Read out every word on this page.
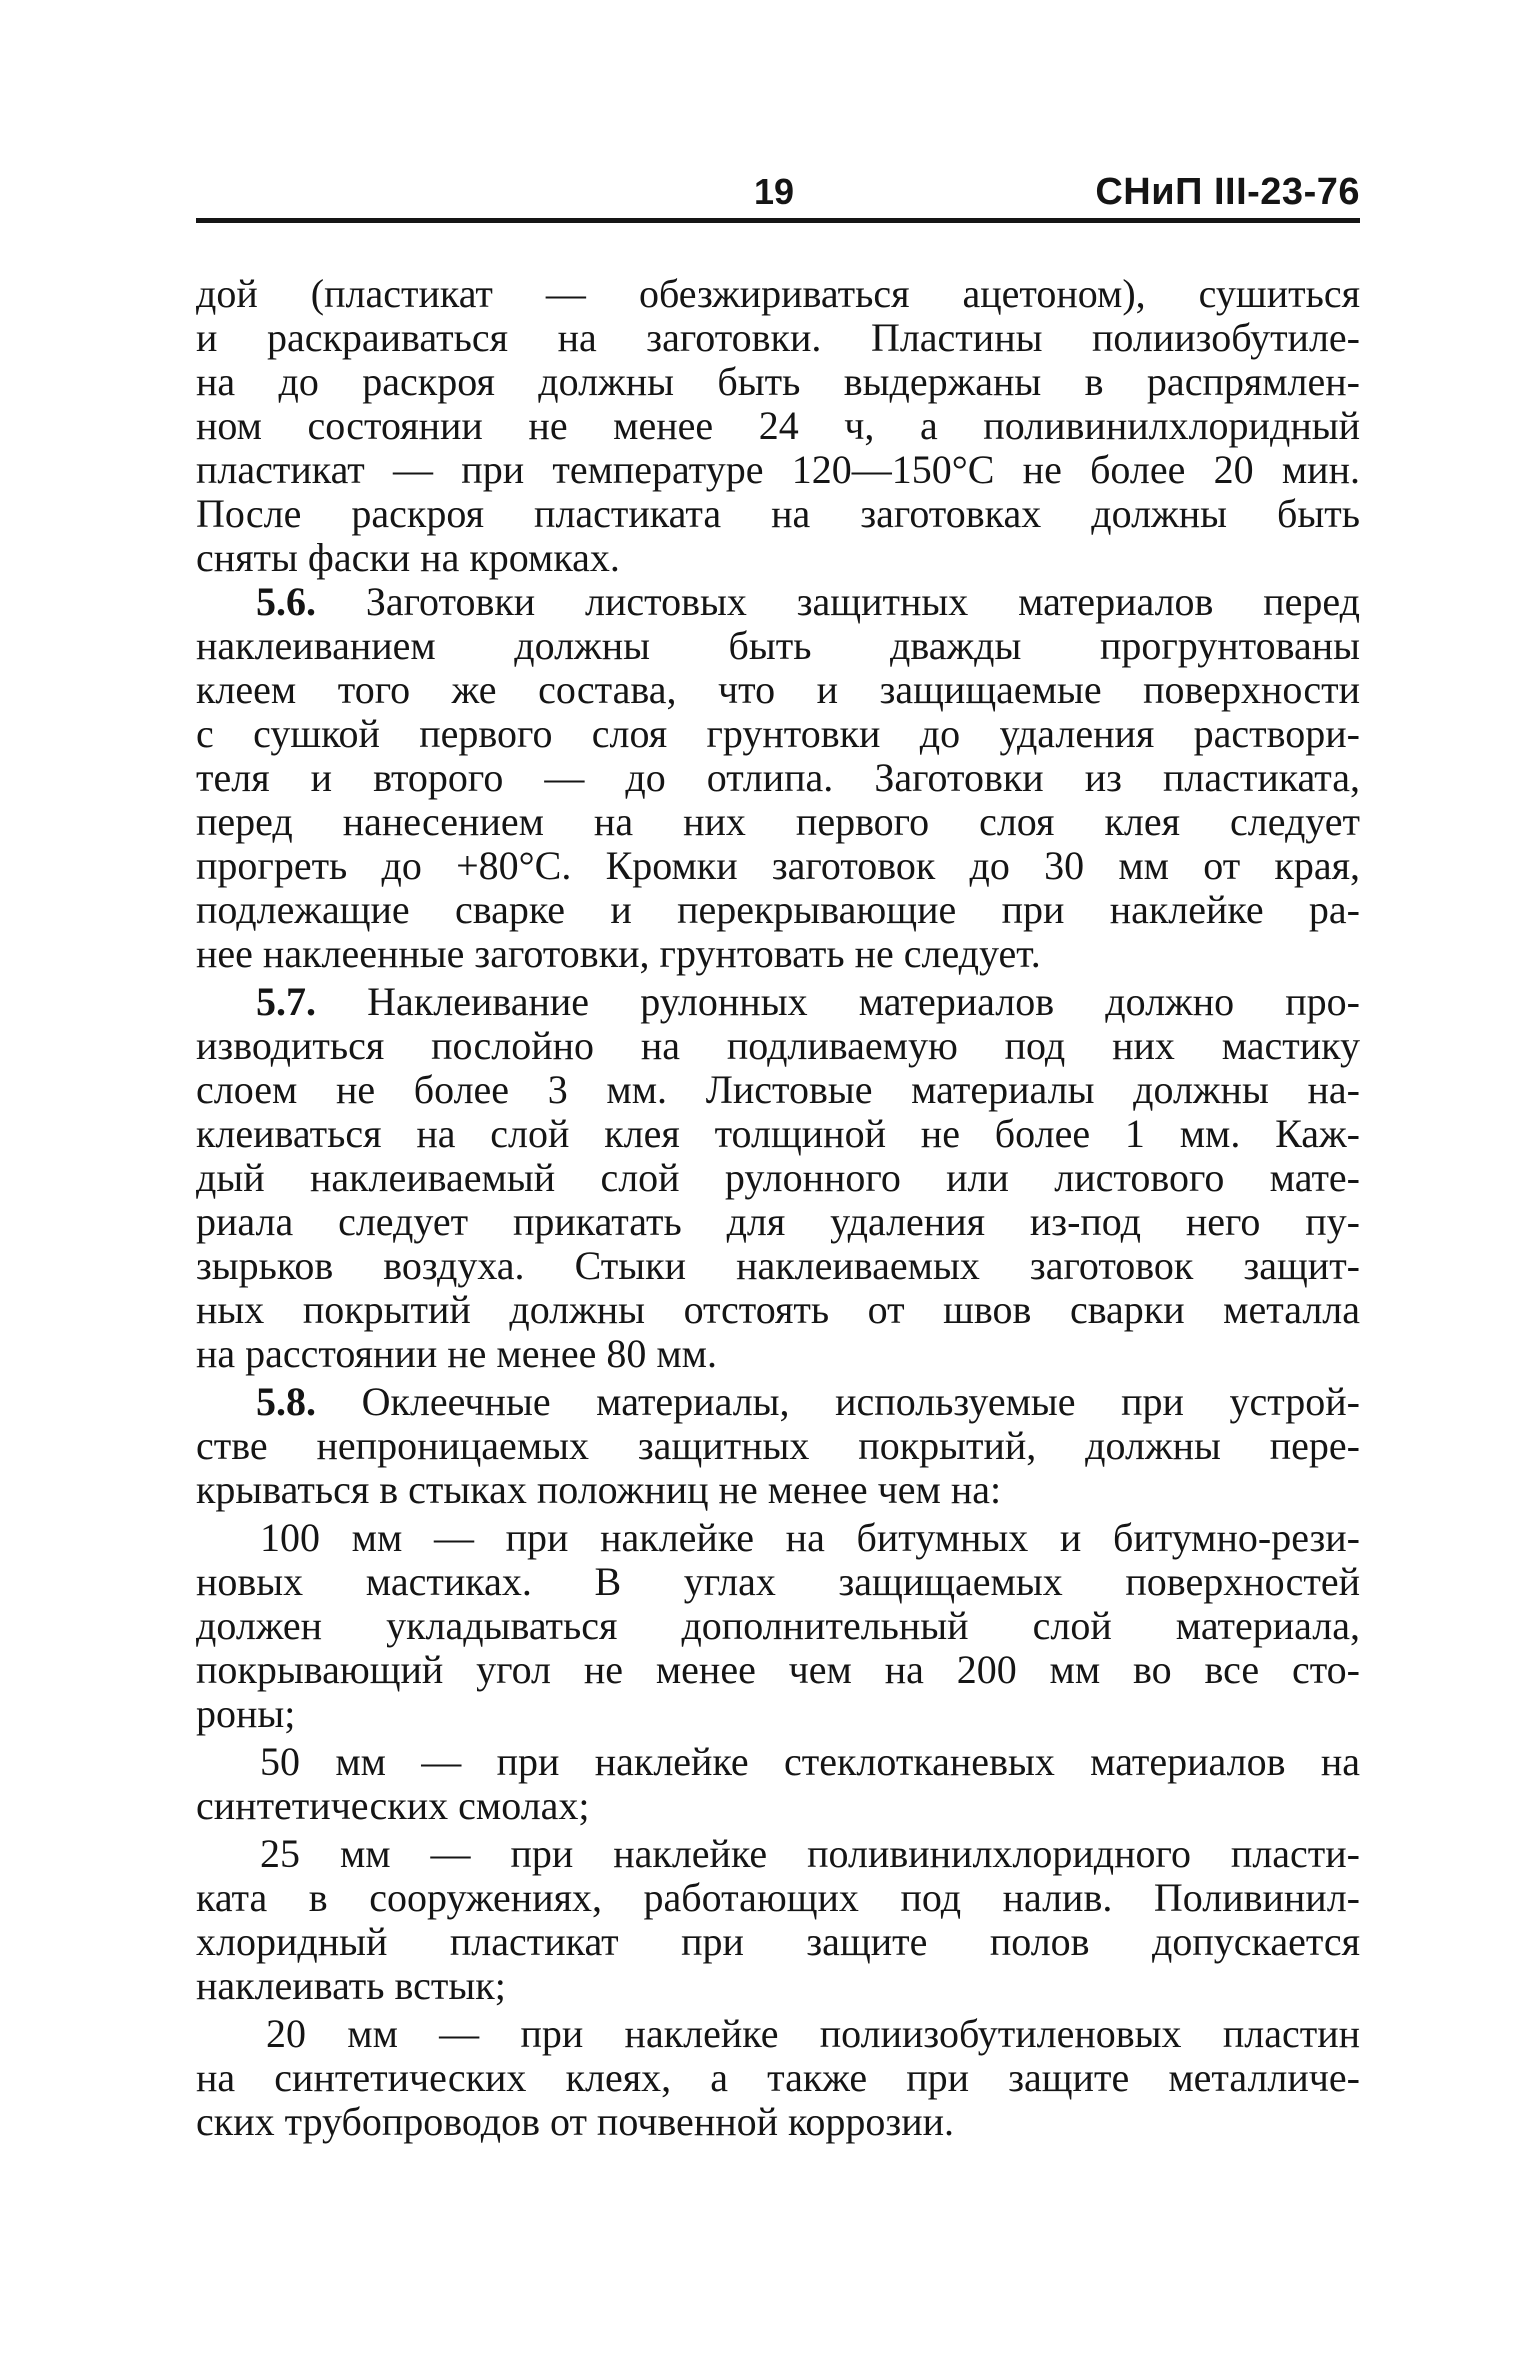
19	СНиП III-23-76
дой (пластикат — обезжириваться ацетоном), сушиться
и раскраиваться на заготовки. Пластины полиизобутиле-
на до раскроя должны быть выдержаны в распрямлен-
ном состоянии не менее 24 ч, а поливинилхлоридный
пластикат — при температуре 120—150°С не более 20 мин.
После раскроя пластиката на заготовках должны быть
сняты фаски на кромках.
5.6. Заготовки листовых защитных материалов перед
наклеиванием должны быть дважды прогрунтованы
клеем того же состава, что и защищаемые поверхности
с сушкой первого слоя грунтовки до удаления раствори-
теля и второго — до отлипа. Заготовки из пластиката,
перед нанесением на них первого слоя клея следует
прогреть до +80°С. Кромки заготовок до 30 мм от края,
подлежащие сварке и перекрывающие при наклейке ра-
нее наклеенные заготовки, грунтовать не следует.
5.7. Наклеивание рулонных материалов должно про-
изводиться послойно на подливаемую под них мастику
слоем не более 3 мм. Листовые материалы должны на-
клеиваться на слой клея толщиной не более 1 мм. Каж-
дый наклеиваемый слой рулонного или листового мате-
риала следует прикатать для удаления из-под него пу-
зырьков воздуха. Стыки наклеиваемых заготовок защит-
ных покрытий должны отстоять от швов сварки металла
на расстоянии не менее 80 мм.
5.8. Оклеечные материалы, используемые при устрой-
стве непроницаемых защитных покрытий, должны пере-
крываться в стыках положниц не менее чем на:
100 мм — при наклейке на битумных и битумно-рези-
новых мастиках. В углах защищаемых поверхностей
должен укладываться дополнительный слой материала,
покрывающий угол не менее чем на 200 мм во все сто-
роны;
50 мм — при наклейке стеклотканевых материалов на
синтетических смолах;
25 мм — при наклейке поливинилхлоридного пласти-
ката в сооружениях, работающих под налив. Поливинил-
хлоридный пластикат при защите полов допускается
наклеивать встык;
20 мм — при наклейке полиизобутиленовых пластин
на синтетических клеях, а также при защите металличе-
ских трубопроводов от почвенной коррозии.
